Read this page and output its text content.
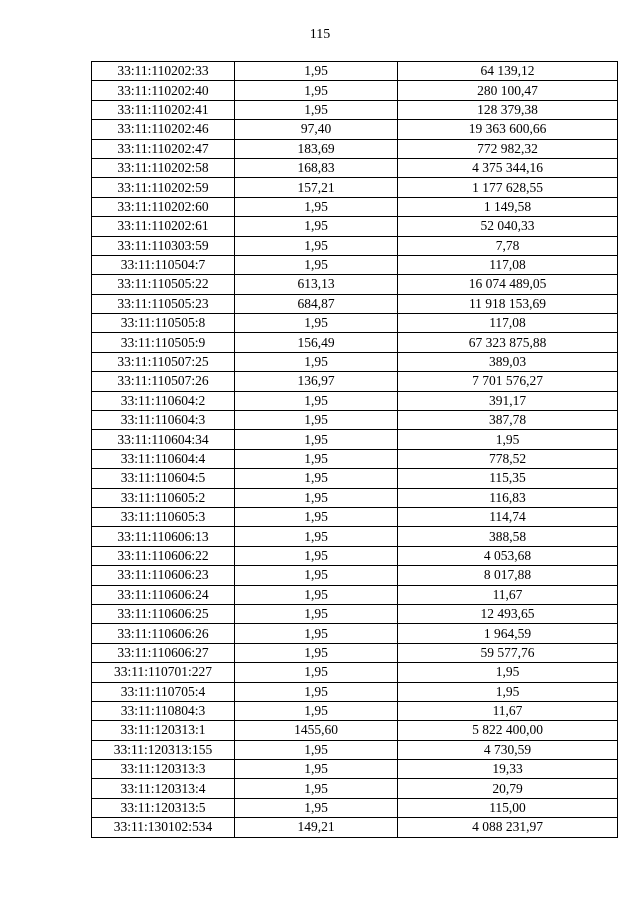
115
33:11:110202:33	1,95	64 139,12
33:11:110202:40	1,95	280 100,47
33:11:110202:41	1,95	128 379,38
33:11:110202:46	97,40	19 363 600,66
33:11:110202:47	183,69	772 982,32
33:11:110202:58	168,83	4 375 344,16
33:11:110202:59	157,21	1 177 628,55
33:11:110202:60	1,95	1 149,58
33:11:110202:61	1,95	52 040,33
33:11:110303:59	1,95	7,78
33:11:110504:7	1,95	117,08
33:11:110505:22	613,13	16 074 489,05
33:11:110505:23	684,87	11 918 153,69
33:11:110505:8	1,95	117,08
33:11:110505:9	156,49	67 323 875,88
33:11:110507:25	1,95	389,03
33:11:110507:26	136,97	7 701 576,27
33:11:110604:2	1,95	391,17
33:11:110604:3	1,95	387,78
33:11:110604:34	1,95	1,95
33:11:110604:4	1,95	778,52
33:11:110604:5	1,95	115,35
33:11:110605:2	1,95	116,83
33:11:110605:3	1,95	114,74
33:11:110606:13	1,95	388,58
33:11:110606:22	1,95	4 053,68
33:11:110606:23	1,95	8 017,88
33:11:110606:24	1,95	11,67
33:11:110606:25	1,95	12 493,65
33:11:110606:26	1,95	1 964,59
33:11:110606:27	1,95	59 577,76
33:11:110701:227	1,95	1,95
33:11:110705:4	1,95	1,95
33:11:110804:3	1,95	11,67
33:11:120313:1	1455,60	5 822 400,00
33:11:120313:155	1,95	4 730,59
33:11:120313:3	1,95	19,33
33:11:120313:4	1,95	20,79
33:11:120313:5	1,95	115,00
33:11:130102:534	149,21	4 088 231,97
